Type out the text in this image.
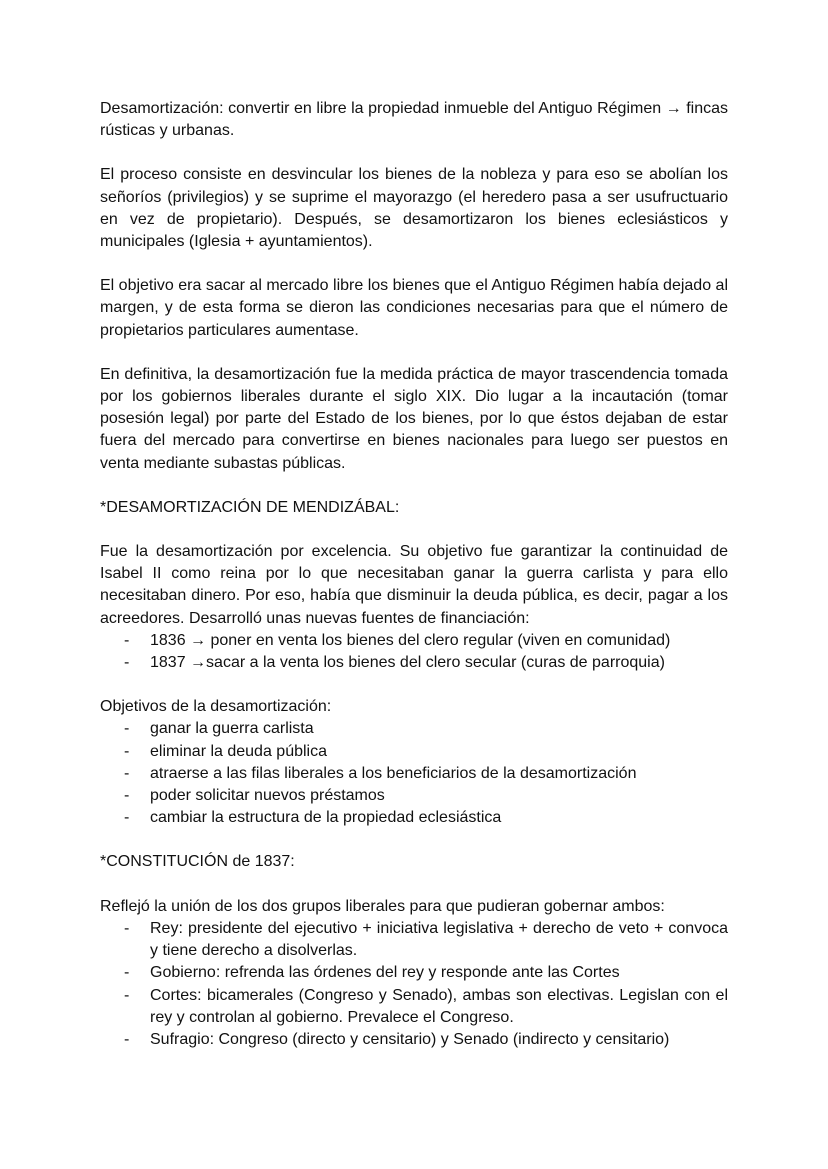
Desamortización: convertir en libre la propiedad inmueble del Antiguo Régimen → fincas rústicas y urbanas.

El proceso consiste en desvincular los bienes de la nobleza y para eso se abolían los señoríos (privilegios) y se suprime el mayorazgo (el heredero pasa a ser usufructuario en vez de propietario). Después, se desamortizaron los bienes eclesiásticos y municipales (Iglesia + ayuntamientos).

El objetivo era sacar al mercado libre los bienes que el Antiguo Régimen había dejado al margen, y de esta forma se dieron las condiciones necesarias para que el número de propietarios particulares aumentase.

En definitiva, la desamortización fue la medida práctica de mayor trascendencia tomada por los gobiernos liberales durante el siglo XIX. Dio lugar a la incautación (tomar posesión legal) por parte del Estado de los bienes, por lo que éstos dejaban de estar fuera del mercado para convertirse en bienes nacionales para luego ser puestos en venta mediante subastas públicas.

*DESAMORTIZACIÓN DE MENDIZÁBAL:

Fue la desamortización por excelencia. Su objetivo fue garantizar la continuidad de Isabel II como reina por lo que necesitaban ganar la guerra carlista y para ello necesitaban dinero. Por eso, había que disminuir la deuda pública, es decir, pagar a los acreedores. Desarrolló unas nuevas fuentes de financiación:

- 1836 → poner en venta los bienes del clero regular (viven en comunidad)
- 1837 →sacar a la venta los bienes del clero secular (curas de parroquia)

Objetivos de la desamortización:

- ganar la guerra carlista
- eliminar la deuda pública
- atraerse a las filas liberales a los beneficiarios de la desamortización
- poder solicitar nuevos préstamos
- cambiar la estructura de la propiedad eclesiástica

*CONSTITUCIÓN de 1837:

Reflejó la unión de los dos grupos liberales para que pudieran gobernar ambos:

- Rey: presidente del ejecutivo + iniciativa legislativa + derecho de veto + convoca y tiene derecho a disolverlas.
- Gobierno: refrenda las órdenes del rey y responde ante las Cortes
- Cortes: bicamerales (Congreso y Senado), ambas son electivas. Legislan con el rey y controlan al gobierno. Prevalece el Congreso.
- Sufragio: Congreso (directo y censitario) y Senado (indirecto y censitario)
